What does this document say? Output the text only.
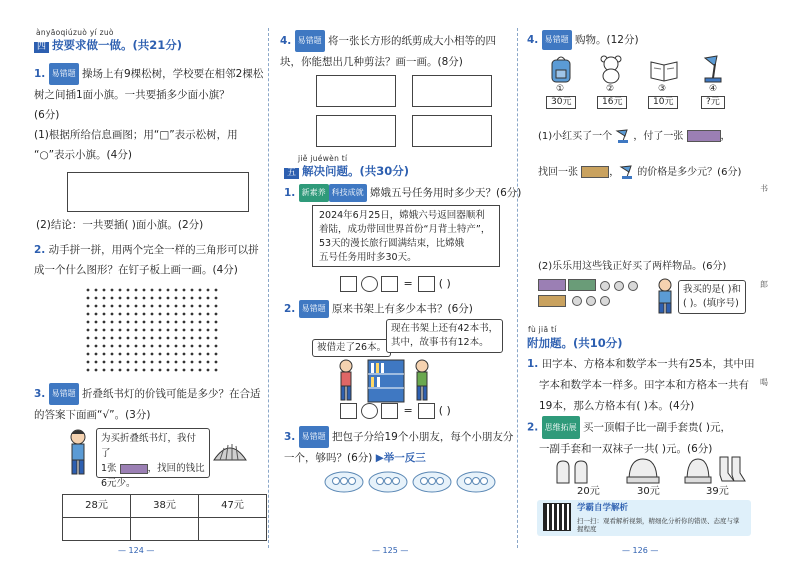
ànyāoqiúzuò yí zuò
四 按要求做一做。(共21分)
1. 易错题 操场上有9棵松树，学校要在相邻2棵松
树之间插1面小旗。一共要插多少面小旗？
(6分)
(1)根据所给信息画图；用“□”表示松树，用
“○”表示小旗。(4分)
(2)结论：一共要插( )面小旗。(2分)
2. 动手拼一拼，用两个完全一样的三角形可以拼
成一个什么图形？在钉子板上画一画。(4分)
3. 易错题 折叠纸书灯的价钱可能是多少？在合适
的答案下面画“√”。(3分)
为买折叠纸书灯，我付了
1张	，找回的钱比
6元少。
28元	38元	47元

— 124 —
4. 易错题 将一张长方形的纸剪成大小相等的四
块，你能想出几种剪法？画一画。(8分)
jiě juéwèn tí
五 解决问题。(共30分)
1. 新素养 科技成就 嫦娥五号任务用时多少天？(6分)
2024年6月25日，嫦娥六号返回器顺利
着陆，成功带回世界首份“月背土特产”，
53天的漫长旅行圆满结束，比嫦娥
五号任务用时多30天。
= ( )
2. 易错题 原来书架上有多少本书？(6分)
被借走了26本。
现在书架上还有42本书，
其中，故事书有12本。
= ( )
3. 易错题 把包子分给19个小朋友，每个小朋友分
一个，够吗？(6分) ▶举一反三
— 125 —
4. 易错题 购物。(12分)
①	②	③	④
30元	16元	10元	?元
(1)小红买了一个 ，付了一张	，
找回一张	， 的价格是多少元？(6分)
(2)乐乐用这些钱正好买了两样物品。(6分)
我买的是( )和
( )。(填序号)
书
郎
喝
fù jiā tí
附加题。(共10分)
1. 田字本、方格本和数学本一共有25本，其中田
字本和数学本一样多。田字本和方格本一共有
19本，那么方格本有( )本。(4分)
2. 思维拓展 买一顶帽子比一副手套贵( )元，
一副手套和一双袜子一共( )元。(6分)
20元	30元	39元
学霸自学解析
扫一扫：观看解析视频，精细化分析你的错误、态度与掌握程度
— 126 —
